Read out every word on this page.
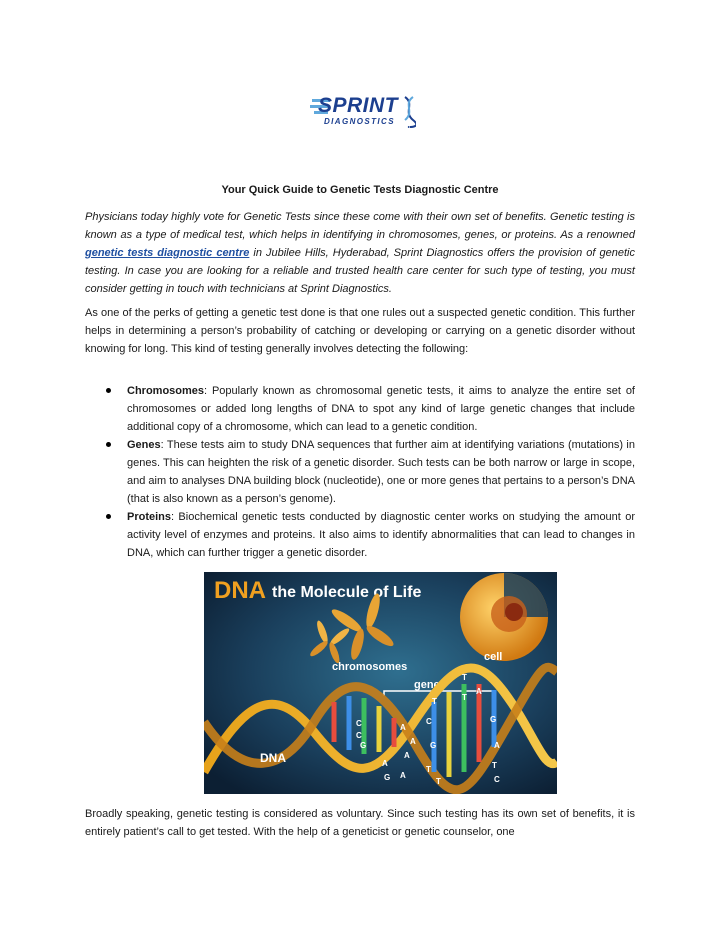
SPRINT
DIAGNOSTICS
Your Quick Guide to Genetic Tests Diagnostic Centre

Physicians today highly vote for Genetic Tests since these come with their own set of benefits. Genetic testing is known as a type of medical test, which helps in identifying in chromosomes, genes, or proteins. As a renowned genetic tests diagnostic centre in Jubilee Hills, Hyderabad, Sprint Diagnostics offers the provision of genetic testing. In case you are looking for a reliable and trusted health care center for such type of testing, you must consider getting in touch with technicians at Sprint Diagnostics.

As one of the perks of getting a genetic test done is that one rules out a suspected genetic condition. This further helps in determining a person’s probability of catching or developing or carrying on a genetic disorder without knowing for long. This kind of testing generally involves detecting the following:

Chromosomes: Popularly known as chromosomal genetic tests, it aims to analyze the entire set of chromosomes or added long lengths of DNA to spot any kind of large genetic changes that include additional copy of a chromosome, which can lead to a genetic condition.

Genes: These tests aim to study DNA sequences that further aim at identifying variations (mutations) in genes. This can heighten the risk of a genetic disorder. Such tests can be both narrow or large in scope, and aim to analyses DNA building block (nucleotide), one or more genes that pertains to a person’s DNA (that is also known as a person’s genome).

Proteins: Biochemical genetic tests conducted by diagnostic center works on studying the amount or activity level of enzymes and proteins. It also aims to identify abnormalities that can lead to changes in DNA, which can further trigger a genetic disorder.

DNA the Molecule of Life
chromosomes
cell
gene
T
A
T
C
C
A
G	A G
C	G
T
A
A
T
A
A
T
G
T
C
DNA

Broadly speaking, genetic testing is considered as voluntary. Since such testing has its own set of benefits, it is entirely patient’s call to get tested. With the help of a geneticist or genetic counselor, one
